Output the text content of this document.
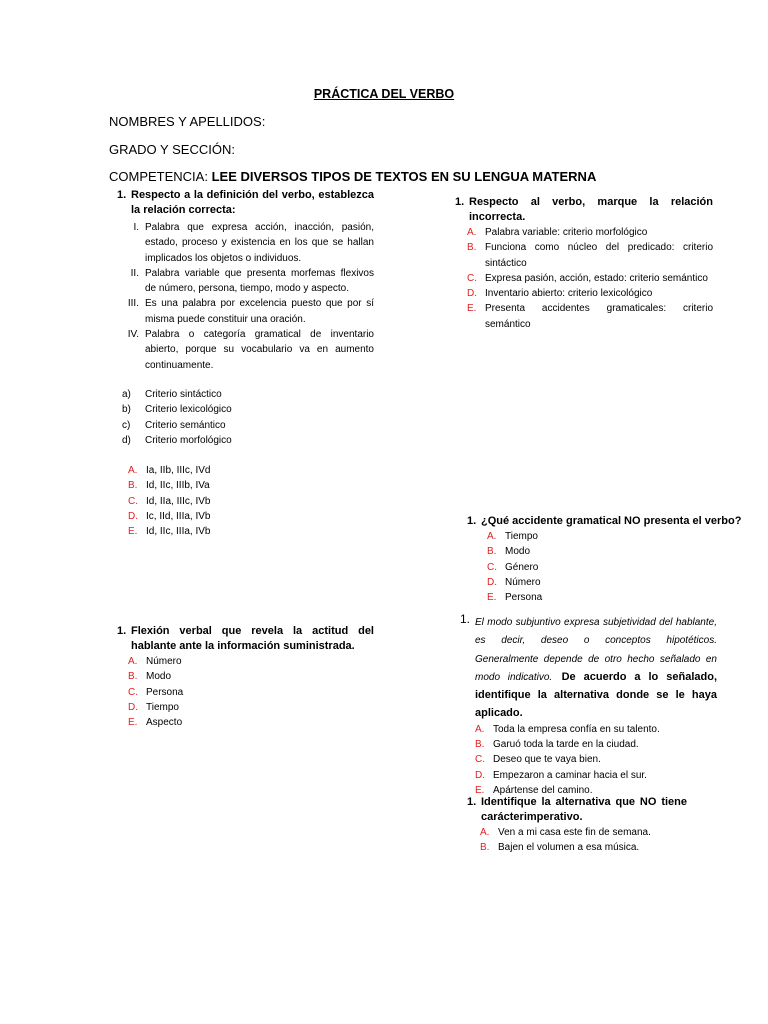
PRÁCTICA DEL VERBO
NOMBRES Y APELLIDOS:
GRADO Y SECCIÓN:
COMPETENCIA: LEE DIVERSOS TIPOS DE TEXTOS EN SU LENGUA MATERNA
1. Respecto a la definición del verbo, establezca la relación correcta:
I. Palabra que expresa acción, inacción, pasión, estado, proceso y existencia en los que se hallan implicados los objetos o individuos.
II. Palabra variable que presenta morfemas flexivos de número, persona, tiempo, modo y aspecto.
III. Es una palabra por excelencia puesto que por sí misma puede constituir una oración.
IV. Palabra o categoría gramatical de inventario abierto, porque su vocabulario va en aumento continuamente.
a)	Criterio sintáctico
b)	Criterio lexicológico
c)	Criterio semántico
d)	Criterio morfológico
A. Ia, IIb, IIIc, IVd
B. Id, IIc, IIIb, IVa
C. Id, IIa, IIIc, IVb
D. Ic, IId, IIIa, IVb
E. Id, IIc, IIIa, IVb
1. Respecto al verbo, marque la relación incorrecta.
A. Palabra variable: criterio morfológico
B. Funciona como núcleo del predicado: criterio sintáctico
C. Expresa pasión, acción, estado: criterio semántico
D. Inventario abierto: criterio lexicológico
E. Presenta accidentes gramaticales: criterio semántico
1. ¿Qué accidente gramatical NO presenta el verbo?
A. Tiempo
B. Modo
C. Género
D. Número
E. Persona
1. Flexión verbal que revela la actitud del hablante ante la información suministrada.
A. Número
B. Modo
C. Persona
D. Tiempo
E. Aspecto
1. El modo subjuntivo expresa subjetividad del hablante, es decir, deseo o conceptos hipotéticos. Generalmente depende de otro hecho señalado en modo indicativo. De acuerdo a lo señalado, identifique la alternativa donde se le haya aplicado.
A. Toda la empresa confía en su talento.
B. Garuó toda la tarde en la ciudad.
C. Deseo que te vaya bien.
D. Empezaron a caminar hacia el sur.
E. Apártense del camino.
1. Identifique la alternativa que NO tiene carácterimperativo.
A. Ven a mi casa este fin de semana.
B. Bajen el volumen a esa música.
